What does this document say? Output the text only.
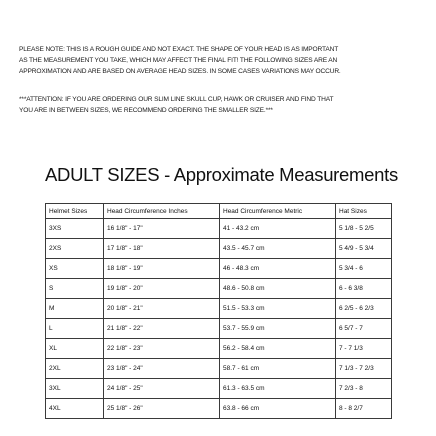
PLEASE NOTE: THIS IS A ROUGH GUIDE AND NOT EXACT. THE SHAPE OF YOUR HEAD IS AS IMPORTANT
AS THE MEASUREMENT YOU TAKE, WHICH MAY AFFECT THE FINAL FIT! THE FOLLOWING SIZES ARE AN
APPROXIMATION AND ARE BASED ON AVERAGE HEAD SIZES. IN SOME CASES VARIATIONS MAY OCCUR.
***ATTENTION: IF YOU ARE ORDERING OUR SLIM LINE SKULL CUP, HAWK OR CRUISER AND FIND THAT
YOU ARE IN BETWEEN SIZES, WE RECOMMEND ORDERING THE SMALLER SIZE.***
ADULT SIZES - Approximate Measurements
Helmet Sizes	Head Circumference Inches	Head Circumference Metric	Hat Sizes
3XS	16 1/8" - 17"	41 - 43.2 cm	5 1/8 - 5 2/5
2XS	17 1/8" - 18"	43.5 - 45.7 cm	5 4/9 - 5 3/4
XS	18 1/8" - 19"	46 - 48.3 cm	5 3/4 - 6
S	19 1/8" - 20"	48.6 - 50.8 cm	6 - 6 3/8
M	20 1/8" - 21"	51.5 - 53.3 cm	6 2/5 - 6 2/3
L	21 1/8" - 22"	53.7 - 55.9 cm	6 5/7 - 7
XL	22 1/8" - 23"	56.2 - 58.4 cm	7 - 7 1/3
2XL	23 1/8" - 24"	58.7 - 61 cm	7 1/3 - 7 2/3
3XL	24 1/8" - 25"	61.3 - 63.5 cm	7 2/3 - 8
4XL	25 1/8" - 26"	63.8 - 66 cm	8 - 8 2/7
